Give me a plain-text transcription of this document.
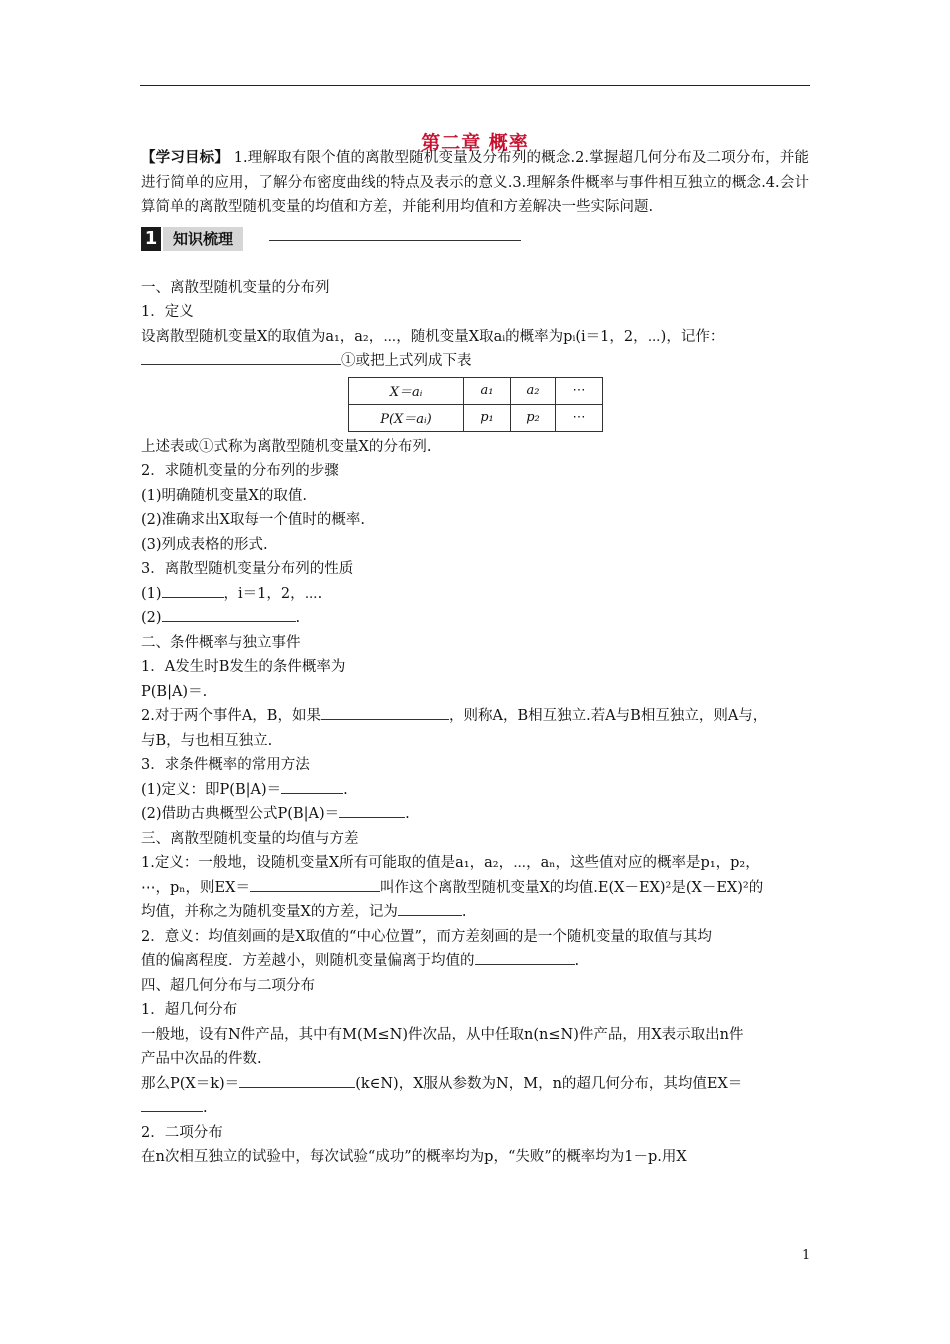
第二章 概率

【学习目标】 1.理解取有限个值的离散型随机变量及分布列的概念.2.掌握超几何分布及二项分布，并能进行简单的应用，了解分布密度曲线的特点及表示的意义.3.理解条件概率与事件相互独立的概念.4.会计算简单的离散型随机变量的均值和方差，并能利用均值和方差解决一些实际问题.

1	知识梳理

一、离散型随机变量的分布列

1．定义

设离散型随机变量X的取值为a₁，a₂，⋯，随机变量X取aᵢ的概率为pᵢ(i＝1，2，⋯)，记作：

①或把上式列成下表

X＝aᵢ	a₁	a₂	⋯
P(X＝aᵢ)	p₁	p₂	⋯

上述表或①式称为离散型随机变量X的分布列.

2．求随机变量的分布列的步骤

(1)明确随机变量X的取值.

(2)准确求出X取每一个值时的概率.

(3)列成表格的形式.

3．离散型随机变量分布列的性质

(1)	，i＝1，2，⋯.

(2)	.

二、条件概率与独立事件

1．A发生时B发生的条件概率为

P(B|A)＝.

2.对于两个事件A，B，如果	，则称A，B相互独立.若A与B相互独立，则A与，

与B，与也相互独立.

3．求条件概率的常用方法

(1)定义：即P(B|A)＝	.

(2)借助古典概型公式P(B|A)＝	.

三、离散型随机变量的均值与方差

1.定义：一般地，设随机变量X所有可能取的值是a₁，a₂，⋯，aₙ，这些值对应的概率是p₁，p₂，

⋯，pₙ，则EX＝	叫作这个离散型随机变量X的均值.E(X－EX)²是(X－EX)²的

均值，并称之为随机变量X的方差，记为	.

2．意义：均值刻画的是X取值的“中心位置”，而方差刻画的是一个随机变量的取值与其均

值的偏离程度．方差越小，则随机变量偏离于均值的	.

四、超几何分布与二项分布

1．超几何分布

一般地，设有N件产品，其中有M(M≤N)件次品，从中任取n(n≤N)件产品，用X表示取出n件

产品中次品的件数.

那么P(X＝k)＝	(k∈N)，X服从参数为N，M，n的超几何分布，其均值EX＝

.

2．二项分布

在n次相互独立的试验中，每次试验“成功”的概率均为p，“失败”的概率均为1－p.用X

1
